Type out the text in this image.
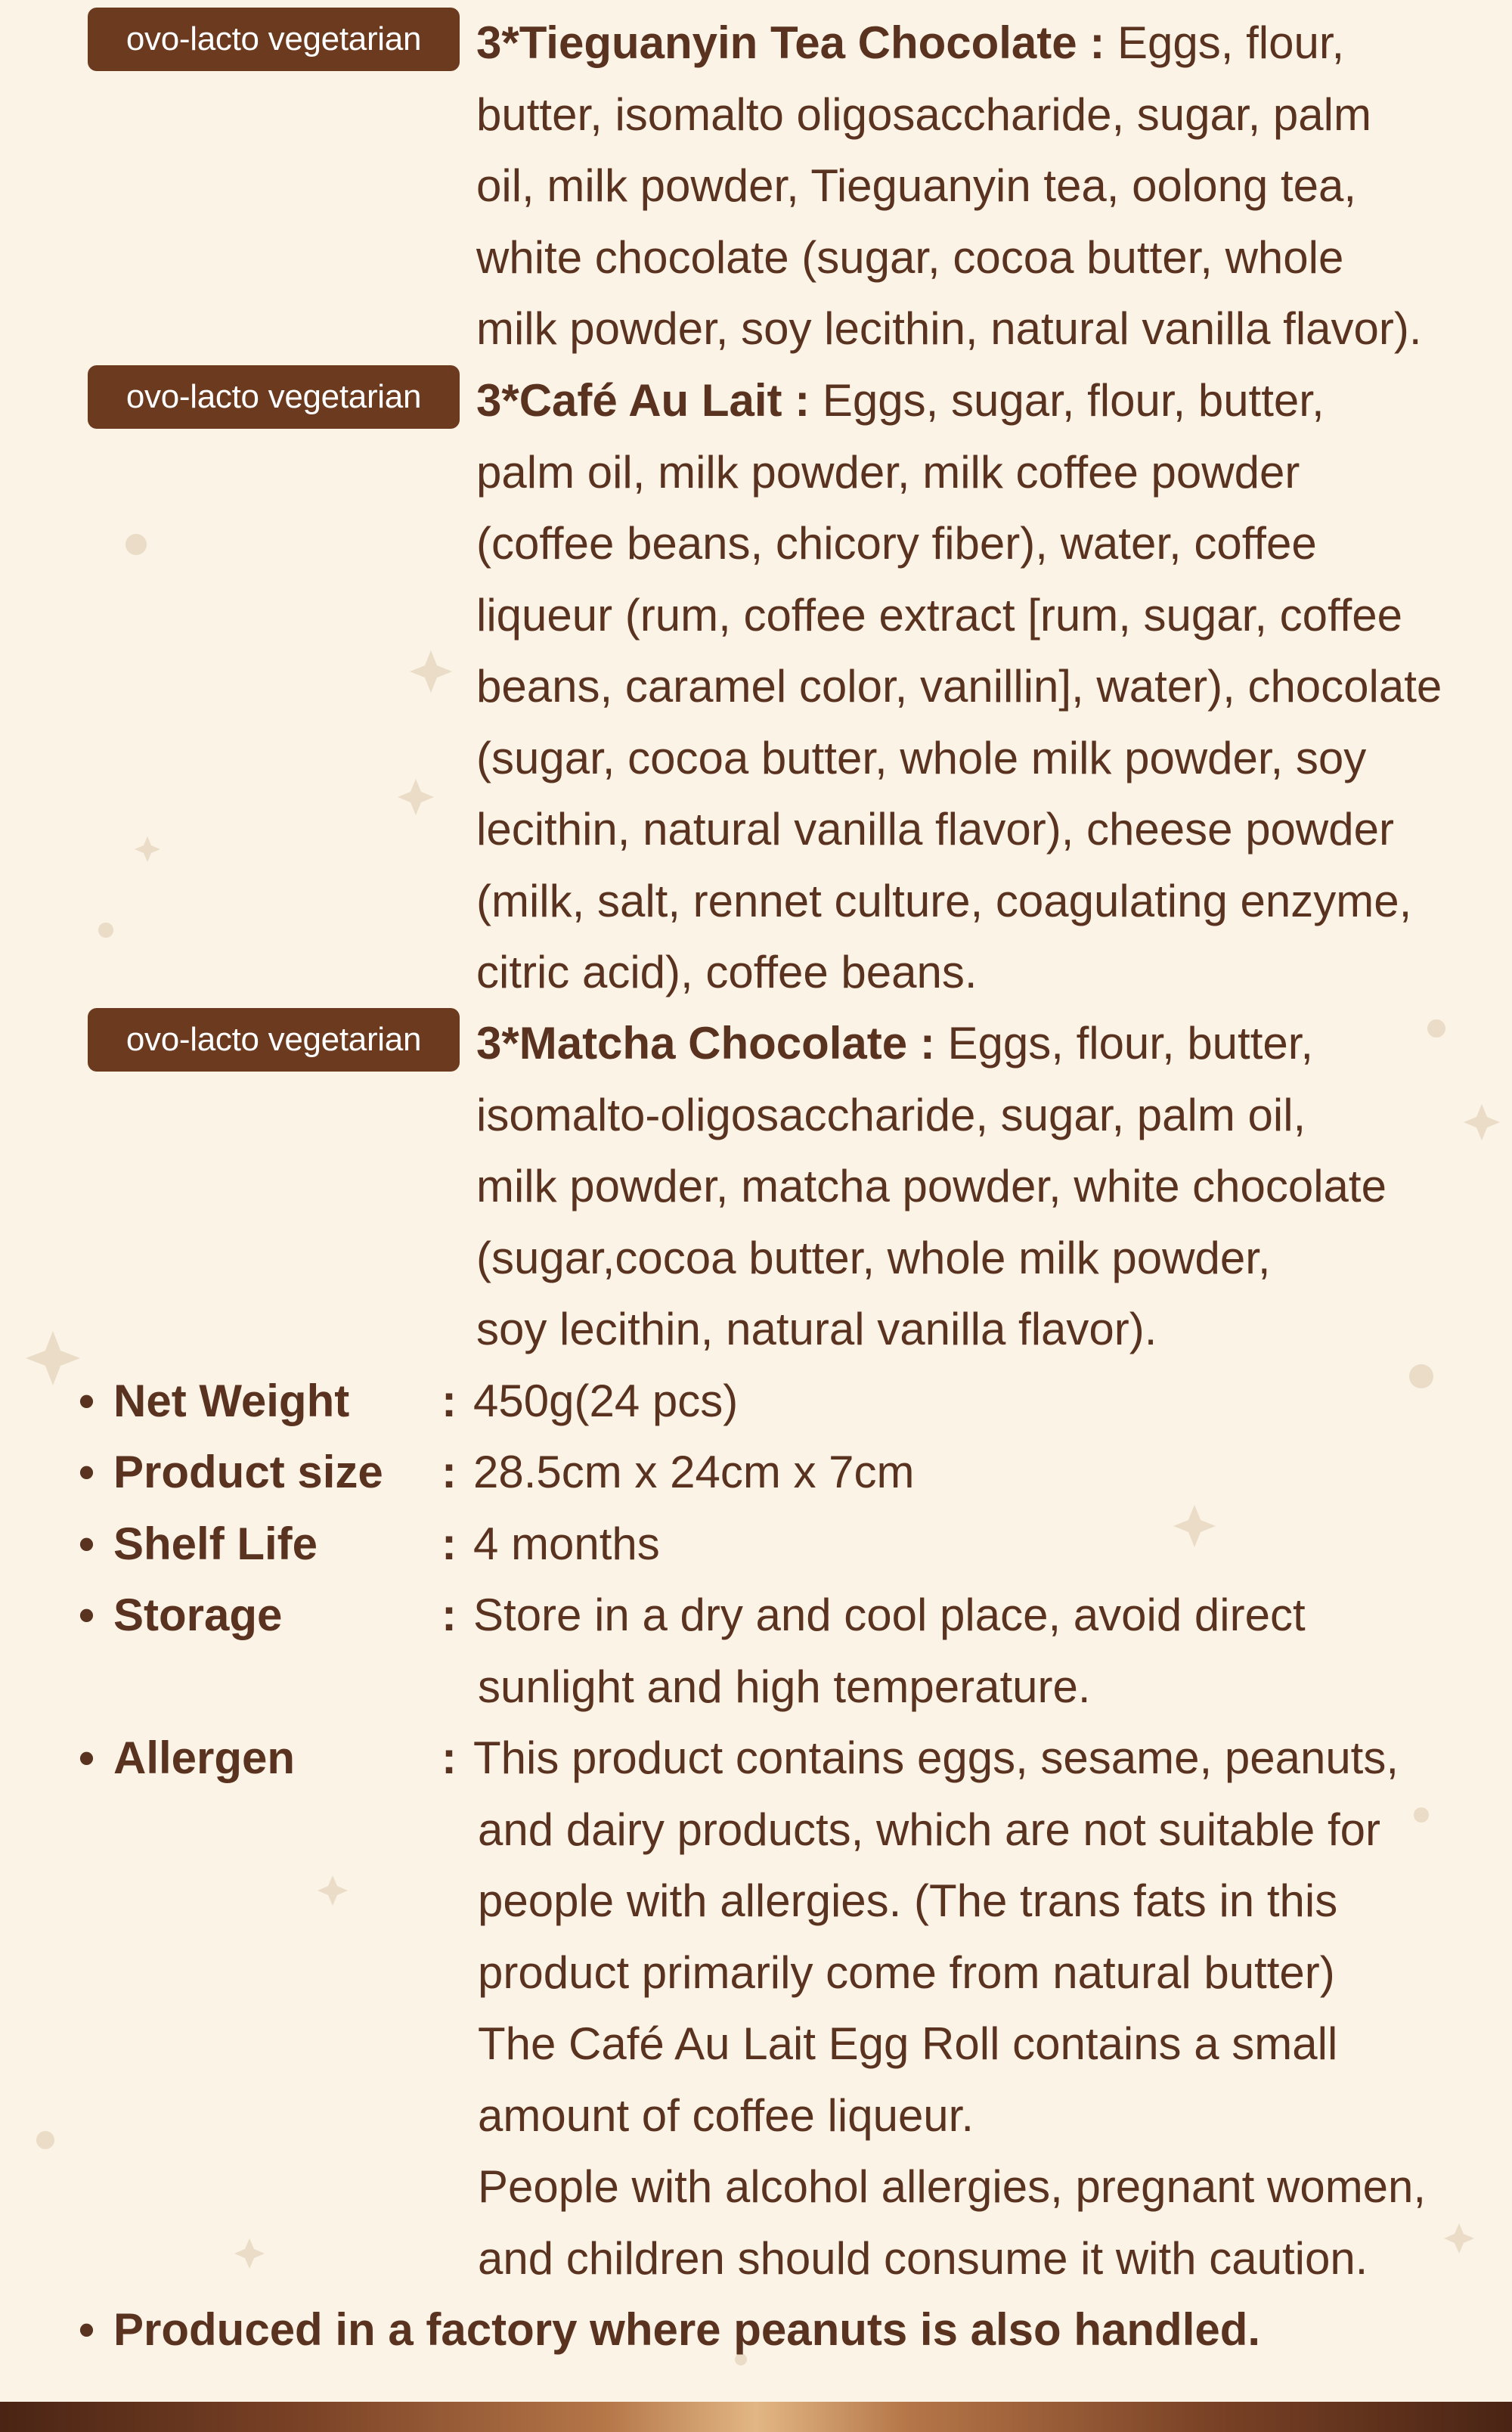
ovo-lacto vegetarian	3*Tieguanyin Tea Chocolate : Eggs, flour,
butter, isomalto oligosaccharide, sugar, palm
oil, milk powder, Tieguanyin tea, oolong tea,
white chocolate (sugar, cocoa butter, whole
milk powder, soy lecithin, natural vanilla flavor).

ovo-lacto vegetarian	3*Café Au Lait : Eggs, sugar, flour, butter,
palm oil, milk powder, milk coffee powder
(coffee beans, chicory fiber), water, coffee
liqueur (rum, coffee extract [rum, sugar, coffee
beans, caramel color, vanillin], water), chocolate
(sugar, cocoa butter, whole milk powder, soy
lecithin, natural vanilla flavor), cheese powder
(milk, salt, rennet culture, coagulating enzyme,
citric acid), coffee beans.

ovo-lacto vegetarian	3*Matcha Chocolate : Eggs, flour, butter,
isomalto-oligosaccharide, sugar, palm oil,
milk powder, matcha powder, white chocolate
(sugar,cocoa butter, whole milk powder,
soy lecithin, natural vanilla flavor).

• Net Weight : 450g(24 pcs)

• Product size : 28.5cm x 24cm x 7cm

• Shelf Life	: 4 months

• Storage	: Store in a dry and cool place, avoid direct
sunlight and high temperature.

• Allergen	: This product contains eggs, sesame, peanuts,
and dairy products, which are not suitable for
people with allergies. (The trans fats in this
product primarily come from natural butter)
The Café Au Lait Egg Roll contains a small
amount of coffee liqueur.
People with alcohol allergies, pregnant women,
and children should consume it with caution.

• Produced in a factory where peanuts is also handled.
